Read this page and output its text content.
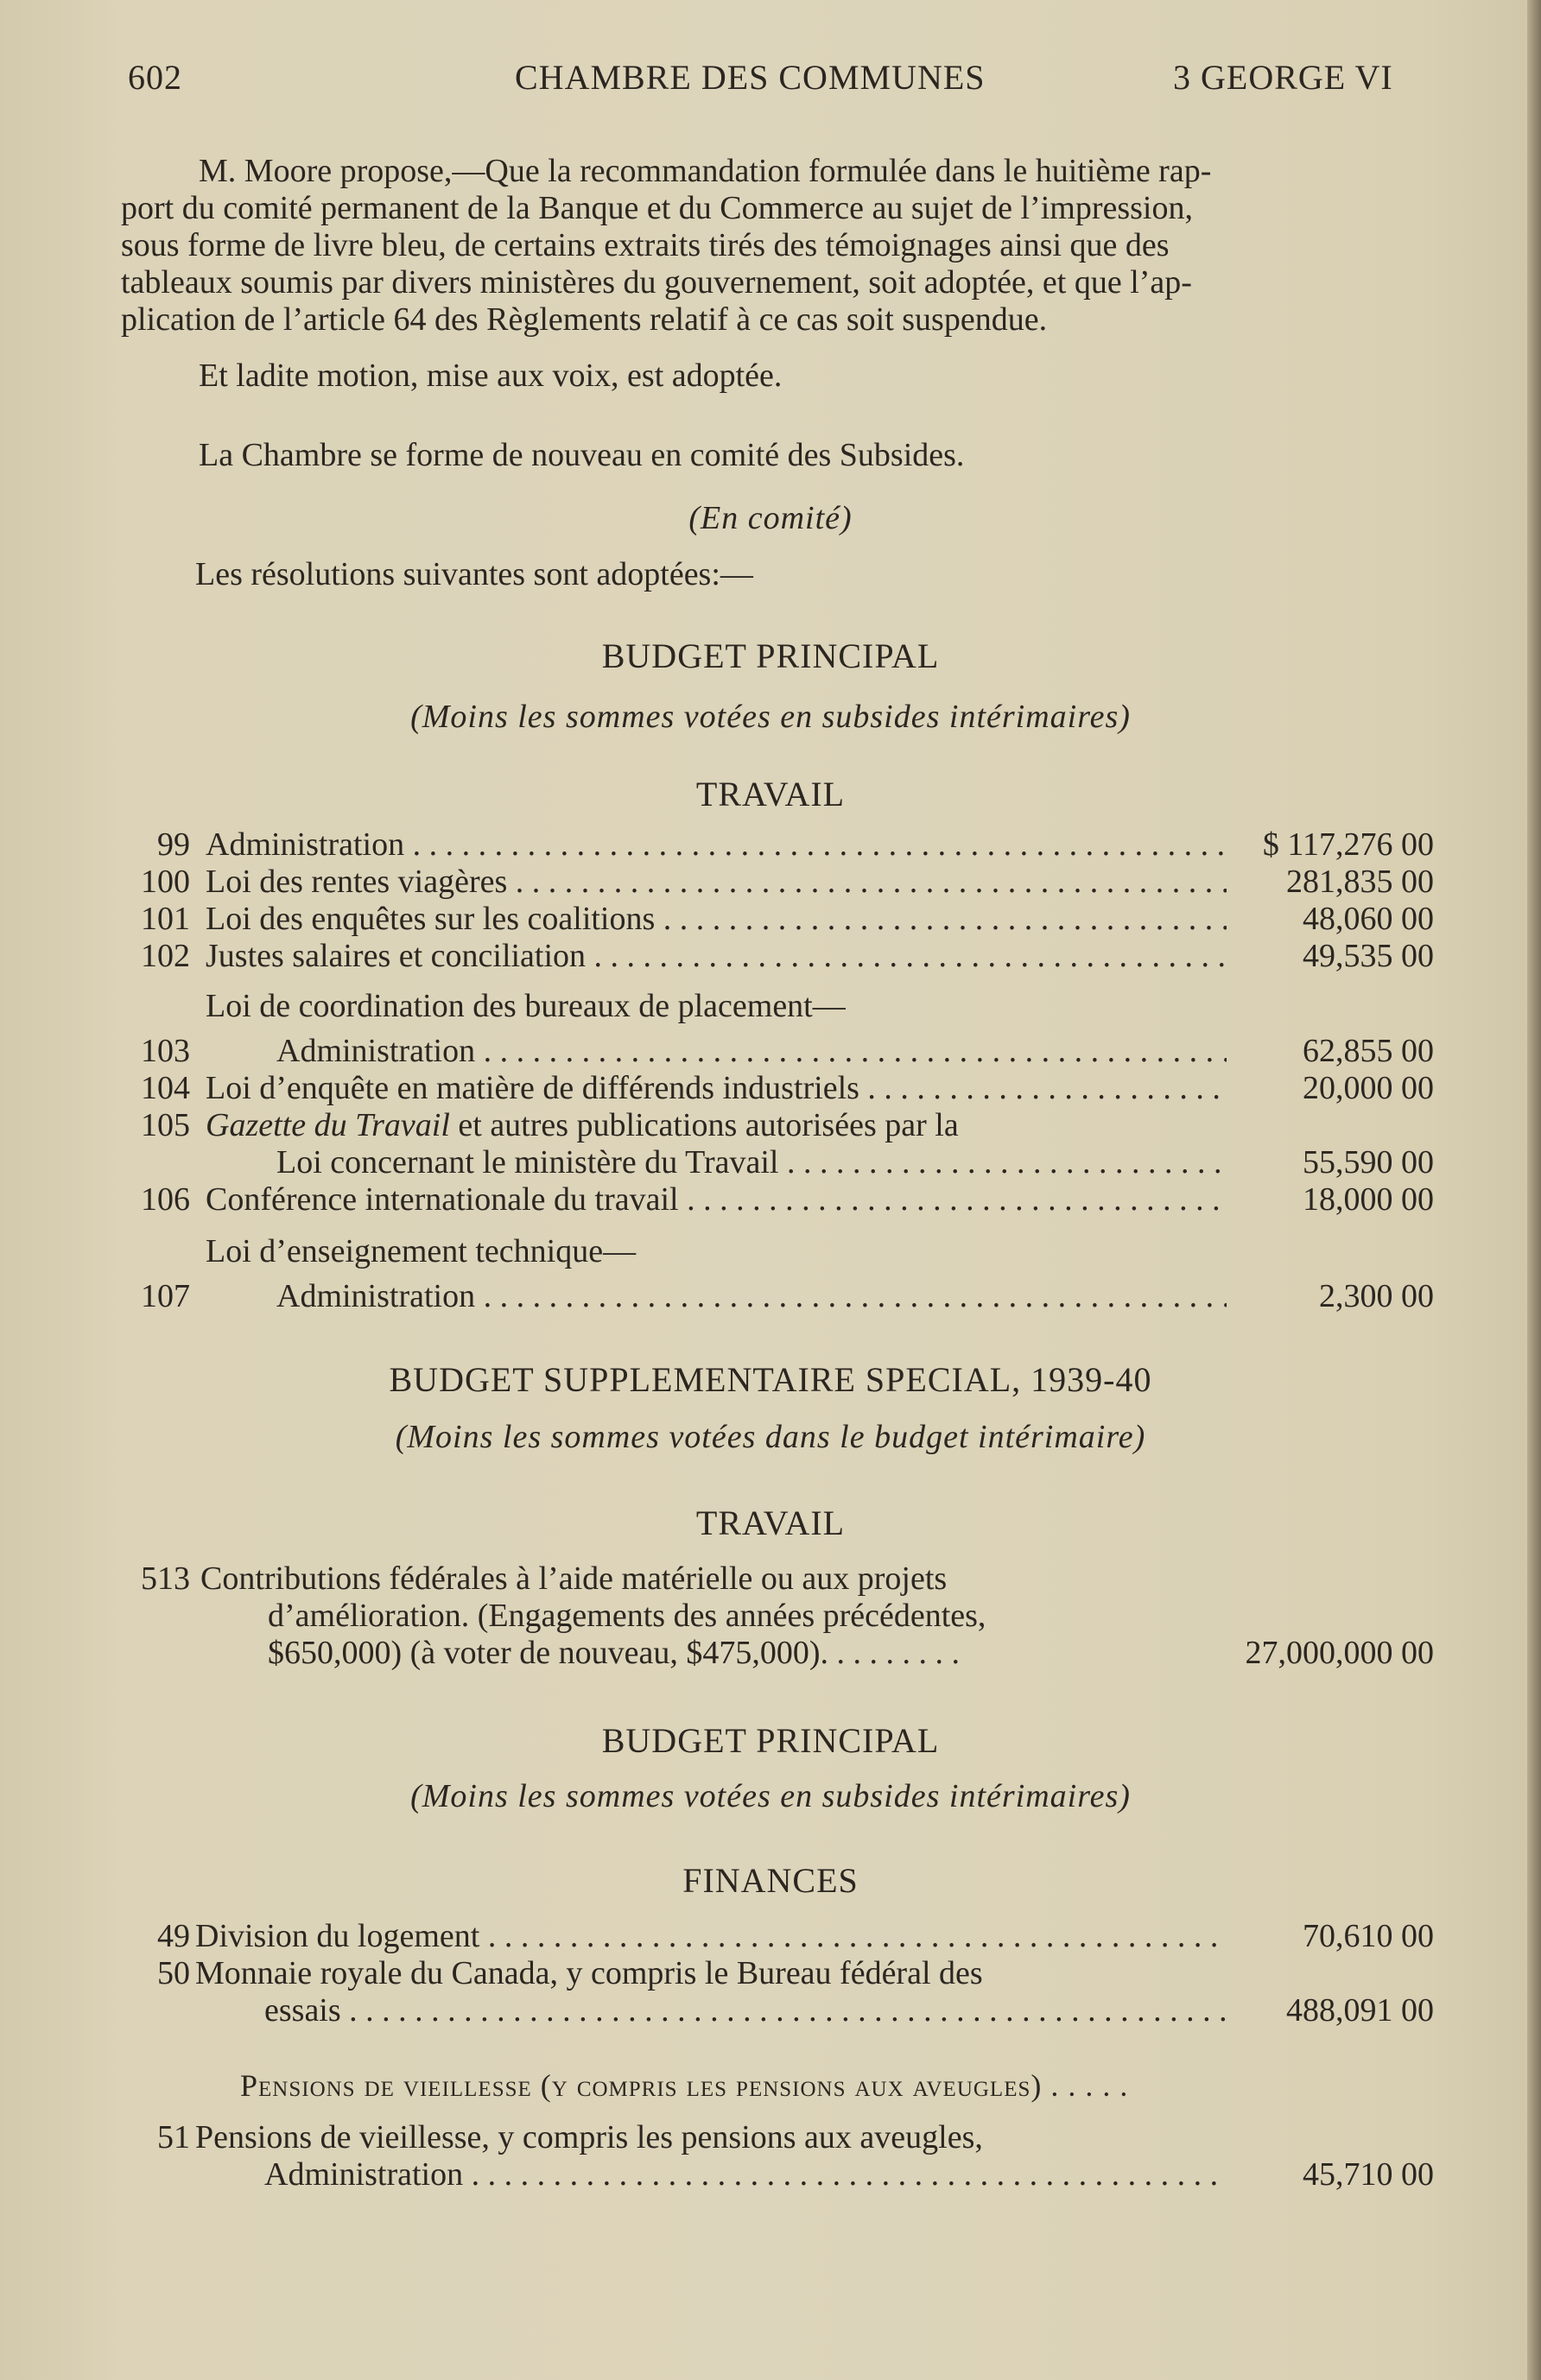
602	CHAMBRE DES COMMUNES	3 GEORGE VI
M. Moore propose,—Que la recommandation formulée dans le huitième rap-
port du comité permanent de la Banque et du Commerce au sujet de l’impression,
sous forme de livre bleu, de certains extraits tirés des témoignages ainsi que des
tableaux soumis par divers ministères du gouvernement, soit adoptée, et que l’ap-
plication de l’article 64 des Règlements relatif à ce cas soit suspendue.
Et ladite motion, mise aux voix, est adoptée.
La Chambre se forme de nouveau en comité des Subsides.
(En comité)
Les résolutions suivantes sont adoptées:—
BUDGET PRINCIPAL
(Moins les sommes votées en subsides intérimaires)
TRAVAIL
99 Administration . . .	$ 117,276 00
100 Loi des rentes viagères . . .	281,835 00
101 Loi des enquêtes sur les coalitions . . .	48,060 00
102 Justes salaires et conciliation . . .	49,535 00
Loi de coordination des bureaux de placement—
103	Administration . . .	62,855 00
104 Loi d’enquête en matière de différends industriels . . .	20,000 00
105 Gazette du Travail et autres publications autorisées par la
Loi concernant le ministère du Travail . . .	55,590 00
106 Conférence internationale du travail . . .	18,000 00
Loi d’enseignement technique—
107	Administration . . .	2,300 00
BUDGET SUPPLEMENTAIRE SPECIAL, 1939-40
(Moins les sommes votées dans le budget intérimaire)
TRAVAIL
513 Contributions fédérales à l’aide matérielle ou aux projets
d’amélioration. (Engagements des années précédentes,
$650,000) (à voter de nouveau, $475,000). . . . . . . . .	27,000,000 00
BUDGET PRINCIPAL
(Moins les sommes votées en subsides intérimaires)
FINANCES
49 Division du logement . . .	70,610 00
50 Monnaie royale du Canada, y compris le Bureau fédéral des
essais . . .	488,091 00
Pensions de vieillesse (y compris les pensions aux aveugles) . . . . .
51 Pensions de vieillesse, y compris les pensions aux aveugles,
Administration . . .	45,710 00
